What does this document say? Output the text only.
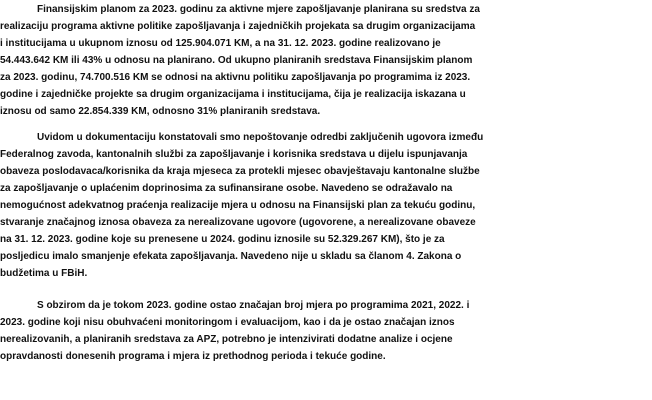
Finansijskim planom za 2023. godinu za aktivne mjere zapošljavanje planirana su sredstva za
realizaciju programa aktivne politike zapošljavanja i zajedničkih projekata sa drugim organizacijama
i institucijama u ukupnom iznosu od 125.904.071 KM, a na 31. 12. 2023. godine realizovano je
54.443.642 KM ili 43% u odnosu na planirano. Od ukupno planiranih sredstava Finansijskim planom
za 2023. godinu, 74.700.516 KM se odnosi na aktivnu politiku zapošljavanja po programima iz 2023.
godine i zajedničke projekte sa drugim organizacijama i institucijama, čija je realizacija iskazana u
iznosu od samo 22.854.339 KM, odnosno 31% planiranih sredstava.
Uvidom u dokumentaciju konstatovali smo nepoštovanje odredbi zaključenih ugovora između
Federalnog zavoda, kantonalnih službi za zapošljavanje i korisnika sredstava u dijelu ispunjavanja
obaveza poslodavaca/korisnika da kraja mjeseca za protekli mjesec obavještavaju kantonalne službe
za zapošljavanje o uplaćenim doprinosima za sufinansirane osobe. Navedeno se odražavalo na
nemogućnost adekvatnog praćenja realizacije mjera u odnosu na Finansijski plan za tekuću godinu,
stvaranje značajnog iznosa obaveza za nerealizovane ugovore (ugovorene, a nerealizovane obaveze
na 31. 12. 2023. godine koje su prenesene u 2024. godinu iznosile su 52.329.267 KM), što je za
posljedicu imalo smanjenje efekata zapošljavanja. Navedeno nije u skladu sa članom 4. Zakona o
budžetima u FBiH.
S obzirom da je tokom 2023. godine ostao značajan broj mjera po programima 2021, 2022. i
2023. godine koji nisu obuhvaćeni monitoringom i evaluacijom, kao i da je ostao značajan iznos
nerealizovanih, a planiranih sredstava za APZ, potrebno je intenzivirati dodatne analize i ocjene
opravdanosti donesenih programa i mjera iz prethodnog perioda i tekuće godine.
